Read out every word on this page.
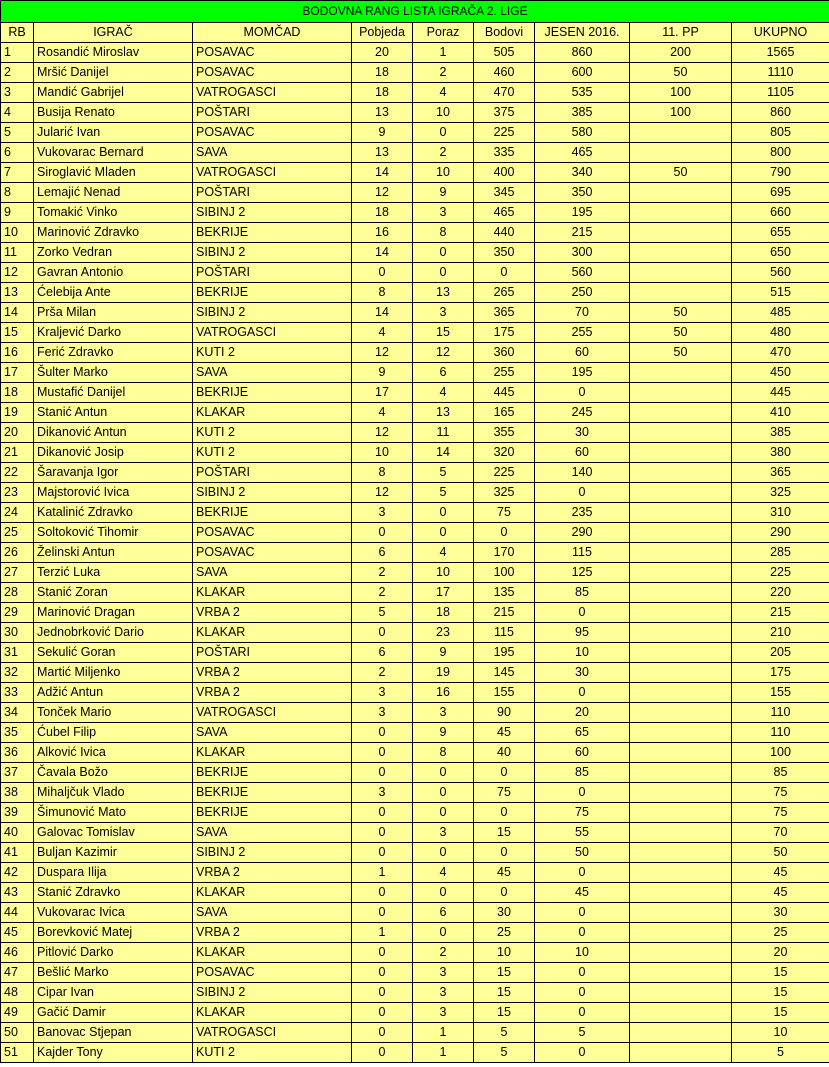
BODOVNA RANG LISTA IGRAČA 2. LIGE								
RB	IGRAČ	MOMČAD	Pobjeda	Poraz	Bodovi	JESEN 2016.	11. PP	UKUPNO
1	Rosandić Miroslav	POSAVAC	20	1	505	860	200	1565
2	Mršić Danijel	POSAVAC	18	2	460	600	50	1110
3	Mandić Gabrijel	VATROGASCI	18	4	470	535	100	1105
4	Busija Renato	POŠTARI	13	10	375	385	100	860
5	Jularić Ivan	POSAVAC	9	0	225	580		805
6	Vukovarac Bernard	SAVA	13	2	335	465		800
7	Siroglavić Mladen	VATROGASCI	14	10	400	340	50	790
8	Lemajić Nenad	POŠTARI	12	9	345	350		695
9	Tomakić Vinko	SIBINJ 2	18	3	465	195		660
10	Marinović Zdravko	BEKRIJE	16	8	440	215		655
11	Zorko Vedran	SIBINJ 2	14	0	350	300		650
12	Gavran Antonio	POŠTARI	0	0	0	560		560
13	Ćelebija Ante	BEKRIJE	8	13	265	250		515
14	Prša Milan	SIBINJ 2	14	3	365	70	50	485
15	Kraljević Darko	VATROGASCI	4	15	175	255	50	480
16	Ferić Zdravko	KUTI 2	12	12	360	60	50	470
17	Šulter Marko	SAVA	9	6	255	195		450
18	Mustafić Danijel	BEKRIJE	17	4	445	0		445
19	Stanić Antun	KLAKAR	4	13	165	245		410
20	Dikanović Antun	KUTI 2	12	11	355	30		385
21	Dikanović Josip	KUTI 2	10	14	320	60		380
22	Šaravanja Igor	POŠTARI	8	5	225	140		365
23	Majstorović Ivica	SIBINJ 2	12	5	325	0		325
24	Katalinić Zdravko	BEKRIJE	3	0	75	235		310
25	Soltoković Tihomir	POSAVAC	0	0	0	290		290
26	Želinski Antun	POSAVAC	6	4	170	115		285
27	Terzić Luka	SAVA	2	10	100	125		225
28	Stanić Zoran	KLAKAR	2	17	135	85		220
29	Marinović Dragan	VRBA 2	5	18	215	0		215
30	Jednobrković Dario	KLAKAR	0	23	115	95		210
31	Sekulić Goran	POŠTARI	6	9	195	10		205
32	Martić Miljenko	VRBA 2	2	19	145	30		175
33	Adžić Antun	VRBA 2	3	16	155	0		155
34	Tonček Mario	VATROGASCI	3	3	90	20		110
35	Ćubel Filip	SAVA	0	9	45	65		110
36	Alković Ivica	KLAKAR	0	8	40	60		100
37	Čavala Božo	BEKRIJE	0	0	0	85		85
38	Mihaljčuk Vlado	BEKRIJE	3	0	75	0		75
39	Šimunović Mato	BEKRIJE	0	0	0	75		75
40	Galovac Tomislav	SAVA	0	3	15	55		70
41	Buljan Kazimir	SIBINJ 2	0	0	0	50		50
42	Duspara Ilija	VRBA 2	1	4	45	0		45
43	Stanić Zdravko	KLAKAR	0	0	0	45		45
44	Vukovarac Ivica	SAVA	0	6	30	0		30
45	Borevković Matej	VRBA 2	1	0	25	0		25
46	Pitlović Darko	KLAKAR	0	2	10	10		20
47	Bešlić Marko	POSAVAC	0	3	15	0		15
48	Cipar Ivan	SIBINJ 2	0	3	15	0		15
49	Gačić Damir	KLAKAR	0	3	15	0		15
50	Banovac Stjepan	VATROGASCI	0	1	5	5		10
51	Kajder Tony	KUTI 2	0	1	5	0		5
